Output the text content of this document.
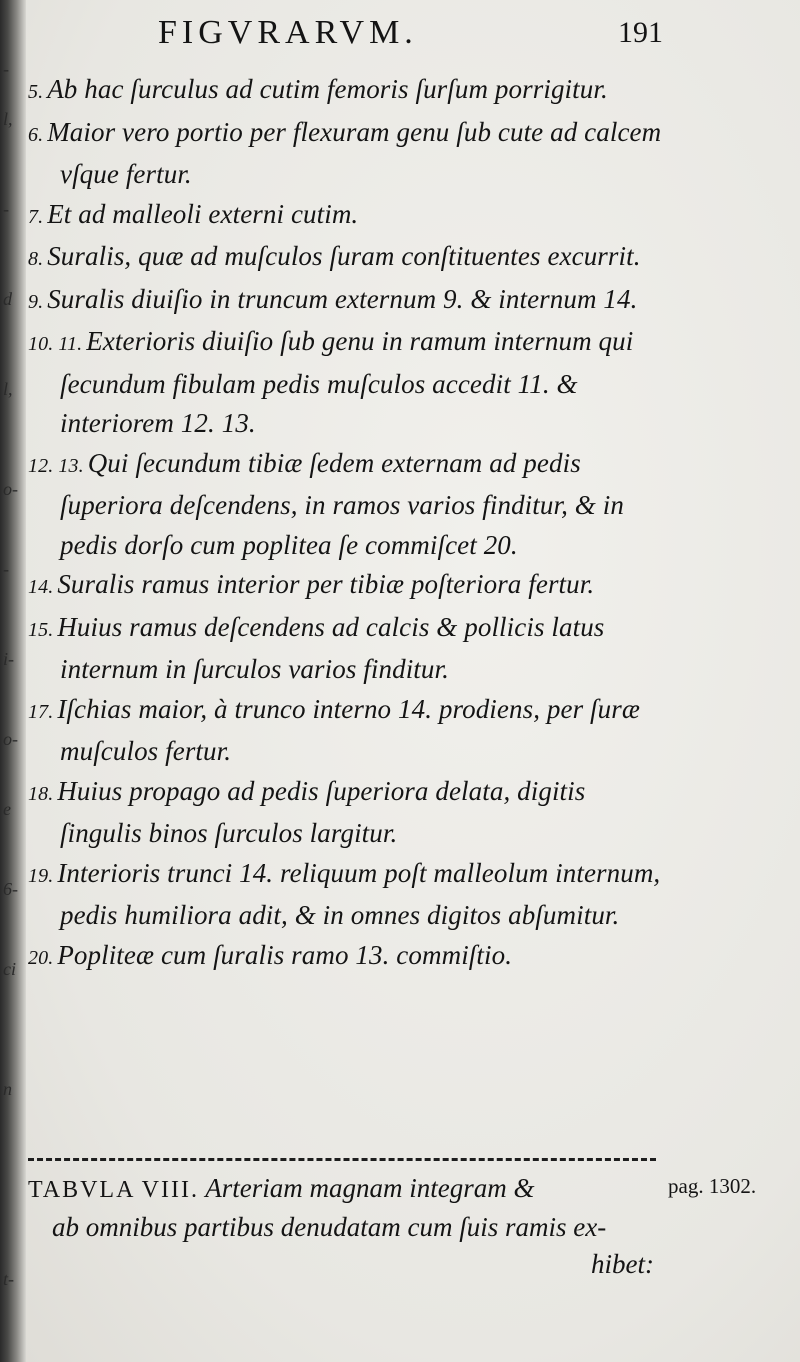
-
l,
-
d
l,
o-
-
i-
o-
e
6-
ci
n
t-
FIGVRARVM.	191

5. Ab hac ſurculus ad cutim femoris ſurſum porrigitur.

6. Maior vero portio per flexuram genu ſub cute ad calcem vſque fertur.

7. Et ad malleoli externi cutim.

8. Suralis, quæ ad muſculos ſuram conſtituentes excurrit.

9. Suralis diuiſio in truncum externum 9. & internum 14.

10. 11. Exterioris diuiſio ſub genu in ramum internum qui ſecundum fibulam pedis muſculos accedit 11. & interiorem 12. 13.

12. 13. Qui ſecundum tibiæ ſedem externam ad pedis ſuperiora deſcendens, in ramos varios finditur, & in pedis dorſo cum poplitea ſe commiſcet 20.

14. Suralis ramus interior per tibiæ poſteriora fertur.

15. Huius ramus deſcendens ad calcis & pollicis latus internum in ſurculos varios finditur.

17. Iſchias maior, à trunco interno 14. prodiens, per ſuræ muſculos fertur.

18. Huius propago ad pedis ſuperiora delata, digitis ſingulis binos ſurculos largitur.

19. Interioris trunci 14. reliquum poſt malleolum internum, pedis humiliora adit, & in omnes digitos abſumitur.

20. Popliteæ cum ſuralis ramo 13. commiſtio.

TABVLA VIII. Arteriam magnam integram &
ab omnibus partibus denudatam cum ſuis ramis ex-
hibet:
pag. 1302.
